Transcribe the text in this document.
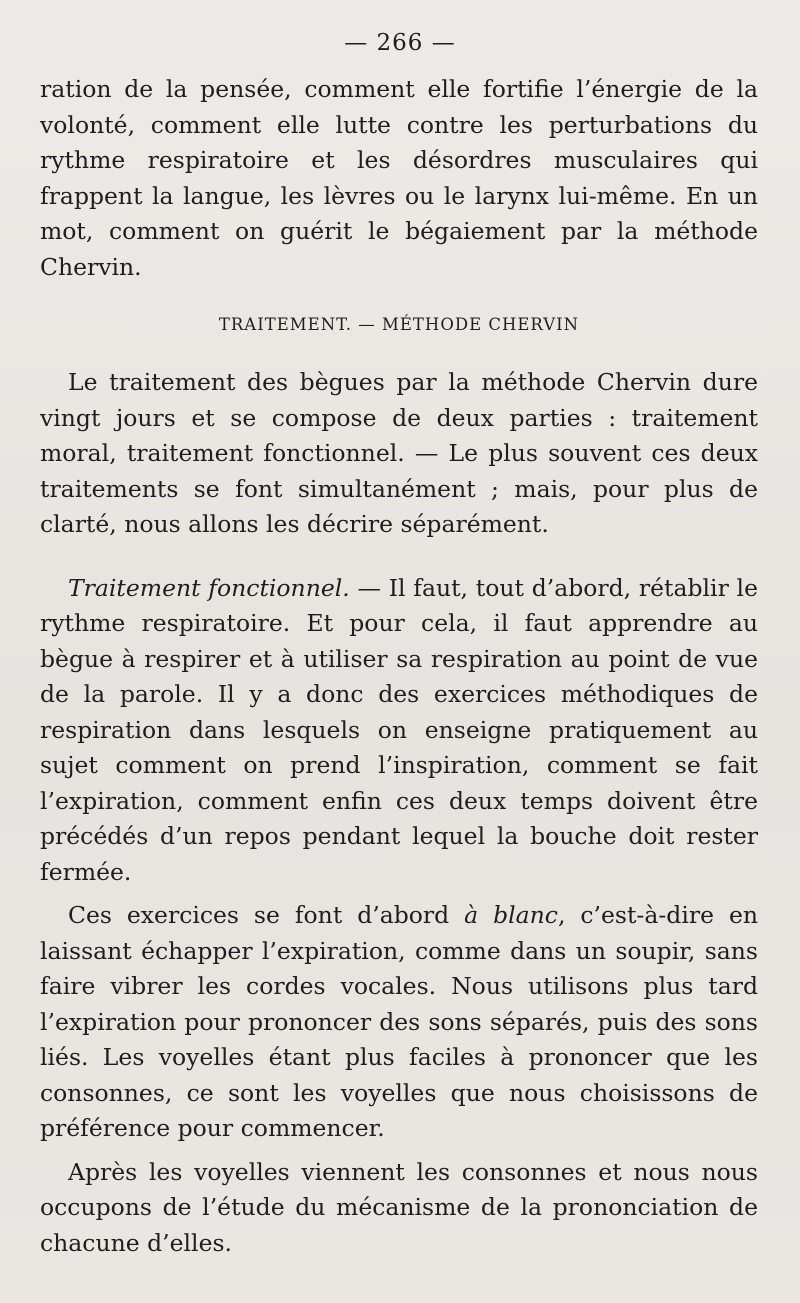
— 266 —

ration de la pensée, comment elle fortifie l’énergie de la volonté, comment elle lutte contre les perturbations du rythme respiratoire et les désordres musculaires qui frappent la langue, les lèvres ou le larynx lui-même. En un mot, comment on guérit le bégaiement par la méthode Chervin.

TRAITEMENT. — MÉTHODE CHERVIN

Le traitement des bègues par la méthode Chervin dure vingt jours et se compose de deux parties : traitement moral, traitement fonctionnel. — Le plus souvent ces deux traitements se font simultanément ; mais, pour plus de clarté, nous allons les décrire séparément.

Traitement fonctionnel. — Il faut, tout d’abord, rétablir le rythme respiratoire. Et pour cela, il faut apprendre au bègue à respirer et à utiliser sa respiration au point de vue de la parole. Il y a donc des exercices méthodiques de respiration dans lesquels on enseigne pratiquement au sujet comment on prend l’inspiration, comment se fait l’expiration, comment enfin ces deux temps doivent être précédés d’un repos pendant lequel la bouche doit rester fermée.

Ces exercices se font d’abord à blanc, c’est-à-dire en laissant échapper l’expiration, comme dans un soupir, sans faire vibrer les cordes vocales. Nous utilisons plus tard l’expiration pour prononcer des sons séparés, puis des sons liés. Les voyelles étant plus faciles à prononcer que les consonnes, ce sont les voyelles que nous choisissons de préférence pour commencer.

Après les voyelles viennent les consonnes et nous nous occupons de l’étude du mécanisme de la prononciation de chacune d’elles.
